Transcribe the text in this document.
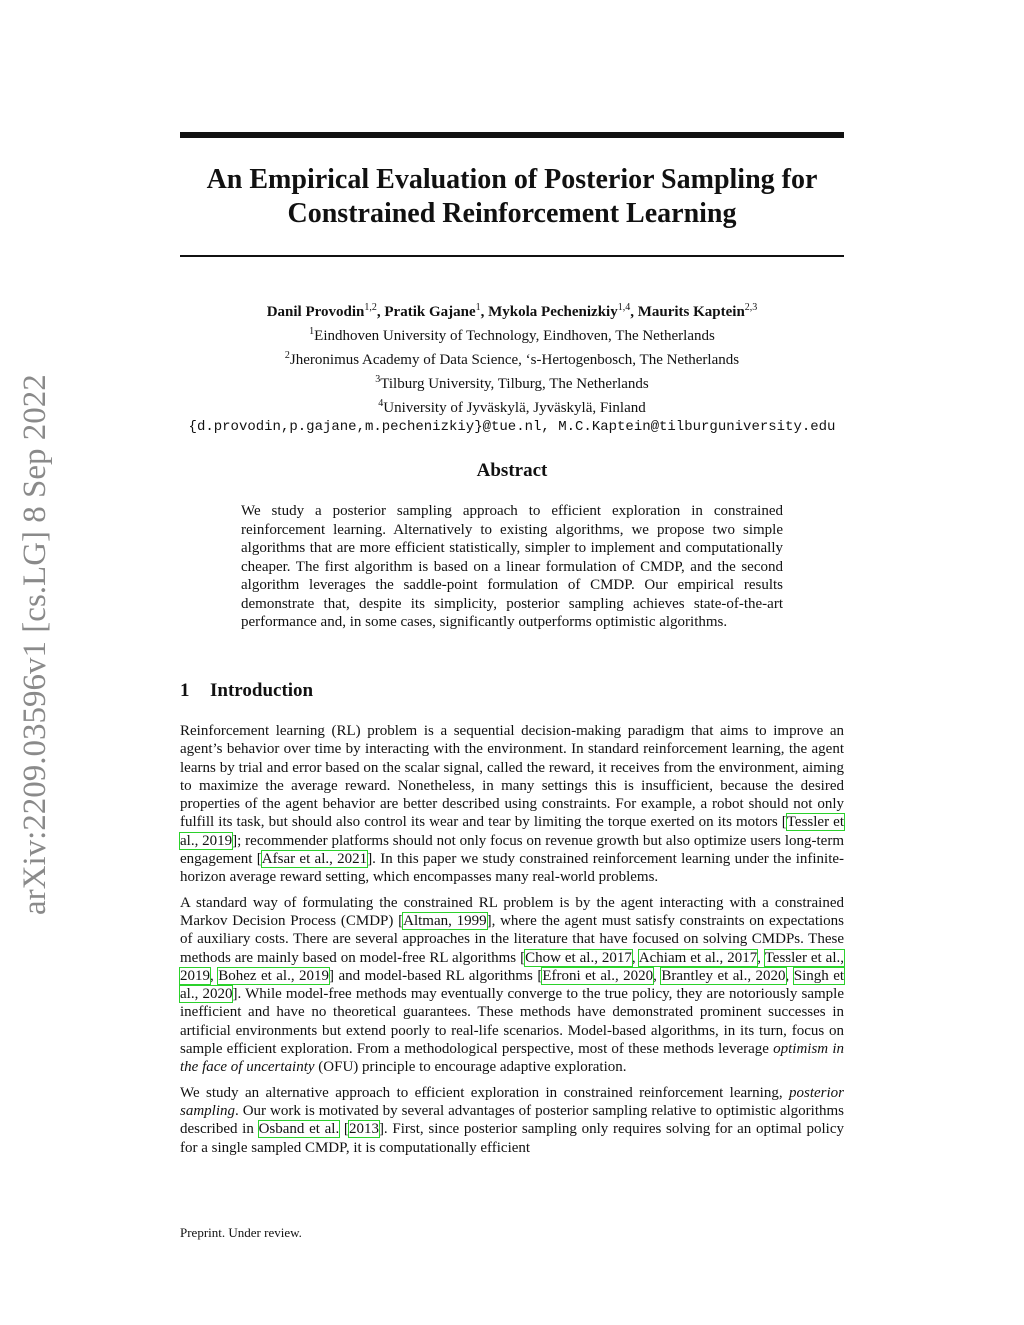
arXiv:2209.03596v1 [cs.LG] 8 Sep 2022
An Empirical Evaluation of Posterior Sampling for Constrained Reinforcement Learning
Danil Provodin$^{1,2}$, Pratik Gajane$^1$, Mykola Pechenizkiy$^{1,4}$, Maurits Kaptein$^{2,3}$
$^1$Eindhoven University of Technology, Eindhoven, The Netherlands
$^2$Jheronimus Academy of Data Science, ‘s-Hertogenbosch, The Netherlands
$^3$Tilburg University, Tilburg, The Netherlands
$^4$University of Jyväskylä, Jyväskylä, Finland
{d.provodin,p.gajane,m.pechenizkiy}@tue.nl, M.C.Kaptein@tilburguniversity.edu
Abstract

We study a posterior sampling approach to efficient exploration in constrained reinforcement learning. Alternatively to existing algorithms, we propose two simple algorithms that are more efficient statistically, simpler to implement and computationally cheaper. The first algorithm is based on a linear formulation of CMDP, and the second algorithm leverages the saddle-point formulation of CMDP. Our empirical results demonstrate that, despite its simplicity, posterior sampling achieves state-of-the-art performance and, in some cases, significantly outperforms optimistic algorithms.

1 Introduction

Reinforcement learning (RL) problem is a sequential decision-making paradigm that aims to improve an agent’s behavior over time by interacting with the environment. In standard reinforcement learning, the agent learns by trial and error based on the scalar signal, called the reward, it receives from the environment, aiming to maximize the average reward. Nonetheless, in many settings this is insufficient, because the desired properties of the agent behavior are better described using constraints. For example, a robot should not only fulfill its task, but should also control its wear and tear by limiting the torque exerted on its motors [Tessler et al., 2019]; recommender platforms should not only focus on revenue growth but also optimize users long-term engagement [Afsar et al., 2021]. In this paper we study constrained reinforcement learning under the infinite-horizon average reward setting, which encompasses many real-world problems.

A standard way of formulating the constrained RL problem is by the agent interacting with a constrained Markov Decision Process (CMDP) [Altman, 1999], where the agent must satisfy constraints on expectations of auxiliary costs. There are several approaches in the literature that have focused on solving CMDPs. These methods are mainly based on model-free RL algorithms [Chow et al., 2017, Achiam et al., 2017, Tessler et al., 2019, Bohez et al., 2019] and model-based RL algorithms [Efroni et al., 2020, Brantley et al., 2020, Singh et al., 2020]. While model-free methods may eventually converge to the true policy, they are notoriously sample inefficient and have no theoretical guarantees. These methods have demonstrated prominent successes in artificial environments but extend poorly to real-life scenarios. Model-based algorithms, in its turn, focus on sample efficient exploration. From a methodological perspective, most of these methods leverage optimism in the face of uncertainty (OFU) principle to encourage adaptive exploration.

We study an alternative approach to efficient exploration in constrained reinforcement learning, posterior sampling. Our work is motivated by several advantages of posterior sampling relative to optimistic algorithms described in Osband et al. [2013]. First, since posterior sampling only requires solving for an optimal policy for a single sampled CMDP, it is computationally efficient

Preprint. Under review.
